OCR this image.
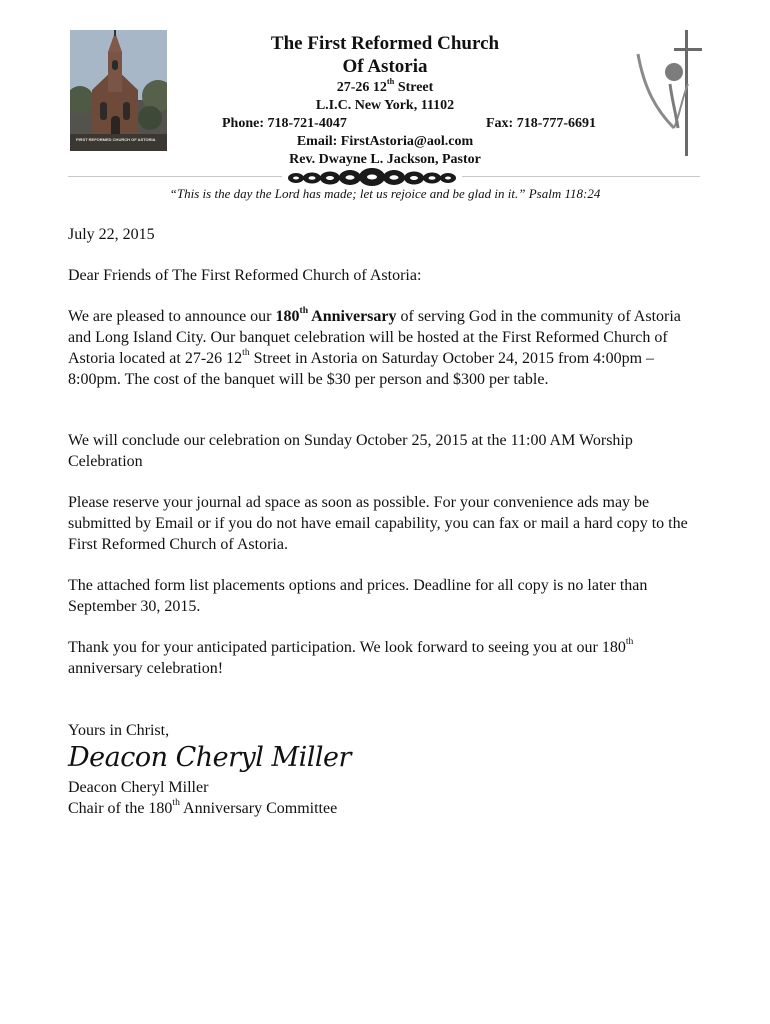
FIRST REFORMED CHURCH OF ASTORIA
The First Reformed Church
Of Astoria
27-26 12th Street
L.I.C. New York, 11102
Phone: 718-721-4047	Fax: 718-777-6691
Email: FirstAstoria@aol.com
Rev. Dwayne L. Jackson, Pastor
“This is the day the Lord has made; let us rejoice and be glad in it.” Psalm 118:24
July 22, 2015
Dear Friends of The First Reformed Church of Astoria:
We are pleased to announce our 180th Anniversary of serving God in the community of Astoria and Long Island City. Our banquet celebration will be hosted at the First Reformed Church of Astoria located at 27-26 12th Street in Astoria on Saturday October 24, 2015 from 4:00pm – 8:00pm. The cost of the banquet will be $30 per person and $300 per table.
We will conclude our celebration on Sunday October 25, 2015 at the 11:00 AM Worship Celebration
Please reserve your journal ad space as soon as possible. For your convenience ads may be submitted by Email or if you do not have email capability, you can fax or mail a hard copy to the First Reformed Church of Astoria.
The attached form list placements options and prices. Deadline for all copy is no later than September 30, 2015.
Thank you for your anticipated participation. We look forward to seeing you at our 180th anniversary celebration!
Yours in Christ,
Deacon Cheryl Miller
Deacon Cheryl Miller
Chair of the 180th Anniversary Committee
